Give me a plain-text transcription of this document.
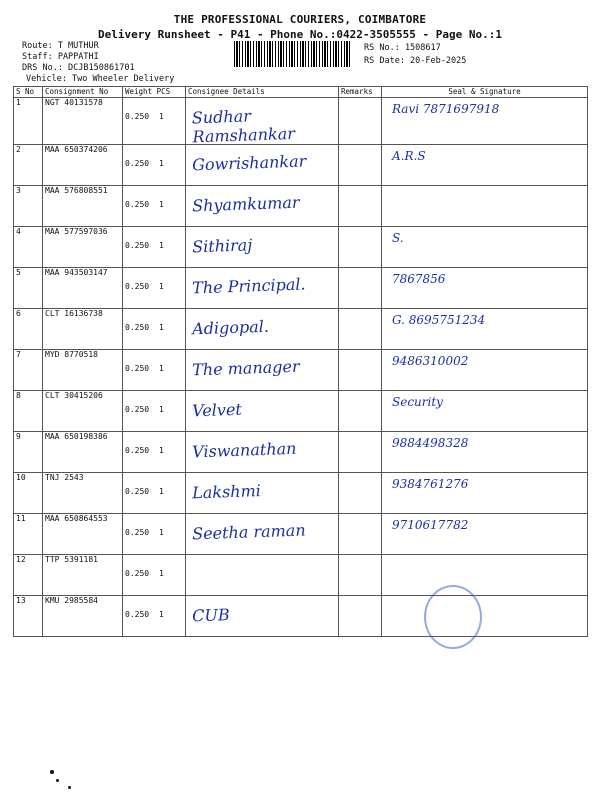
THE PROFESSIONAL COURIERS, COIMBATORE
Delivery Runsheet - P41 - Phone No.:0422-3505555 - Page No.:1
Route: T MUTHUR
Staff: PAPPATHI
DRS No.: DCJB150861701
Vehicle: Two Wheeler Delivery
RS No.: 1508617
RS Date: 20-Feb-2025
S No	Consignment No	Weight PCS	Consignee Details	Remarks	Seal & Signature
1	NGT 40131578	0.250 1	Sudhar Ramshankar		Ravi 7871697918

2	MAA 650374206	0.250 1	Gowrishankar		A.R.S

3	MAA 576808551	0.250 1	Shyamkumar		

4	MAA 577597036	0.250 1	Sithiraj		S.

5	MAA 943503147	0.250 1	The Principal.		7867856

6	CLT 16136738	0.250 1	Adigopal.		G. 8695751234

7	MYD 8770518	0.250 1	The manager		9486310002

8	CLT 30415206	0.250 1	Velvet		Security

9	MAA 650198386	0.250 1	Viswanathan		9884498328

10	TNJ 2543	0.250 1	Lakshmi		9384761276

11	MAA 650864553	0.250 1	Seetha raman		9710617782

12	TTP 5391181	0.250 1	

13	KMU 2985584	0.250 1	CUB		
